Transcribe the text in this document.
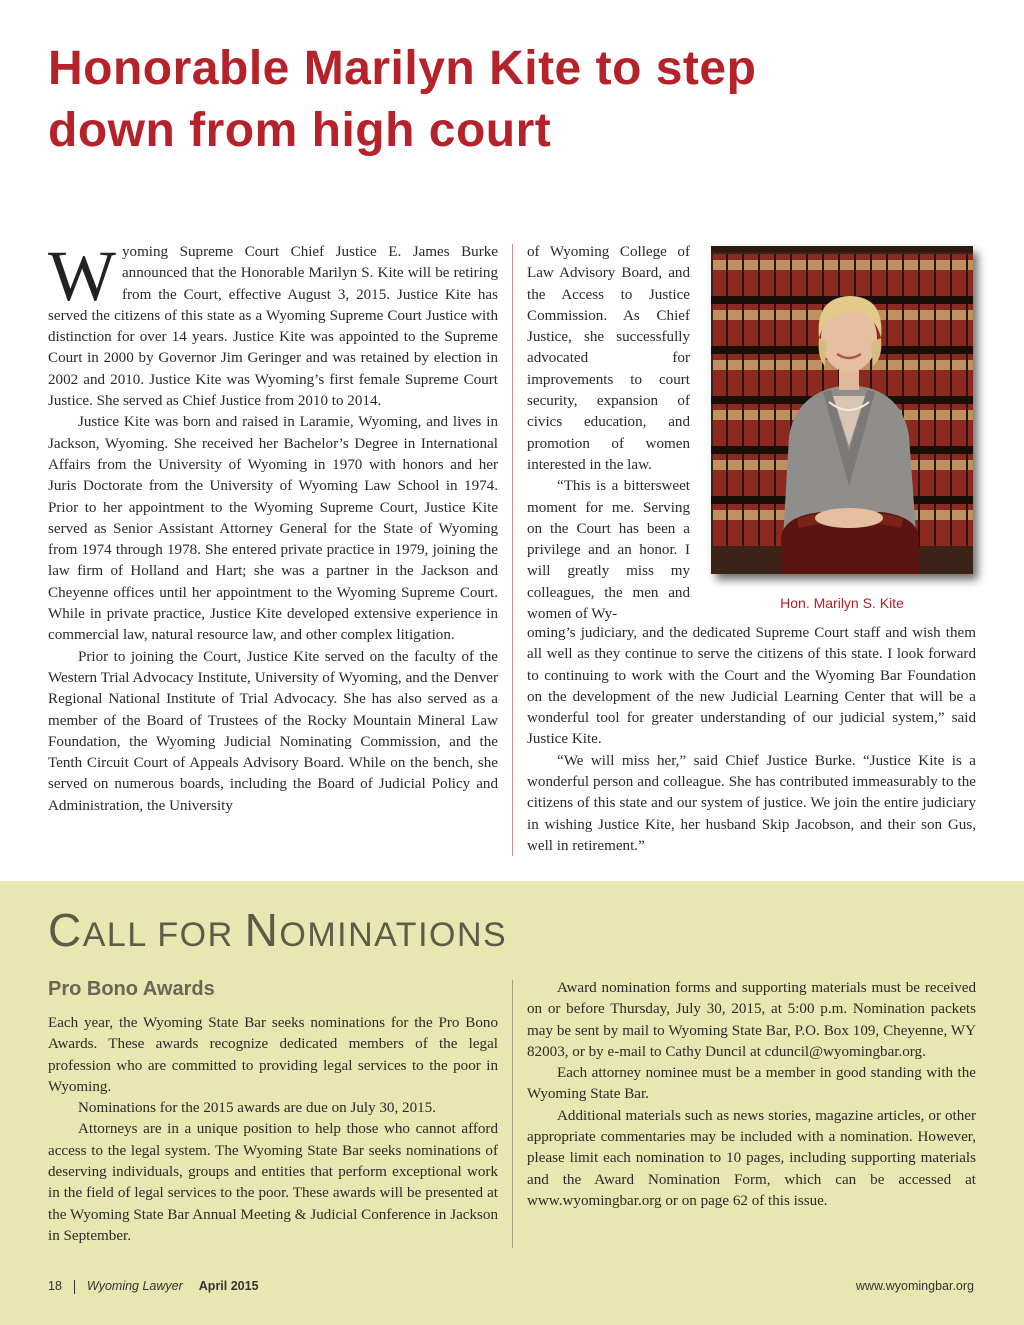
Honorable Marilyn Kite to step
down from high court

Wyoming Supreme Court Chief Justice E. James Burke announced that the Honorable Marilyn S. Kite will be retiring from the Court, effective August 3, 2015. Justice Kite has served the citizens of this state as a Wyoming Supreme Court Justice with distinction for over 14 years. Justice Kite was appointed to the Supreme Court in 2000 by Governor Jim Geringer and was retained by election in 2002 and 2010. Justice Kite was Wyoming’s first female Supreme Court Justice. She served as Chief Justice from 2010 to 2014.

Justice Kite was born and raised in Laramie, Wyoming, and lives in Jackson, Wyoming. She received her Bachelor’s Degree in International Affairs from the University of Wyoming in 1970 with honors and her Juris Doctorate from the University of Wyoming Law School in 1974. Prior to her appointment to the Wyoming Supreme Court, Justice Kite served as Senior Assistant Attorney General for the State of Wyoming from 1974 through 1978. She entered private practice in 1979, joining the law firm of Holland and Hart; she was a partner in the Jackson and Cheyenne offices until her appointment to the Wyoming Supreme Court. While in private practice, Justice Kite developed extensive experience in commercial law, natural resource law, and other complex litigation.

Prior to joining the Court, Justice Kite served on the faculty of the Western Trial Advocacy Institute, University of Wyoming, and the Denver Regional National Institute of Trial Advocacy. She has also served as a member of the Board of Trustees of the Rocky Mountain Mineral Law Foundation, the Wyoming Judicial Nominating Commission, and the Tenth Circuit Court of Appeals Advisory Board. While on the bench, she served on numerous boards, including the Board of Judicial Policy and Administration, the University

of Wyoming College of Law Advisory Board, and the Access to Justice Commission. As Chief Justice, she successfully advocated for improvements to court security, expansion of civics education, and promotion of women interested in the law.

“This is a bittersweet moment for me. Serving on the Court has been a privilege and an honor. I will greatly miss my colleagues, the men and women of Wy-

Hon. Marilyn S. Kite

oming’s judiciary, and the dedicated Supreme Court staff and wish them all well as they continue to serve the citizens of this state. I look forward to continuing to work with the Court and the Wyoming Bar Foundation on the development of the new Judicial Learning Center that will be a wonderful tool for greater understanding of our judicial system,” said Justice Kite.

“We will miss her,” said Chief Justice Burke. “Justice Kite is a wonderful person and colleague. She has contributed immeasurably to the citizens of this state and our system of justice. We join the entire judiciary in wishing Justice Kite, her husband Skip Jacobson, and their son Gus, well in retirement.”

CALL FOR NOMINATIONS
Pro Bono Awards

Each year, the Wyoming State Bar seeks nominations for the Pro Bono Awards. These awards recognize dedicated members of the legal profession who are committed to providing legal services to the poor in Wyoming.

Nominations for the 2015 awards are due on July 30, 2015.

Attorneys are in a unique position to help those who cannot afford access to the legal system. The Wyoming State Bar seeks nominations of deserving individuals, groups and entities that perform exceptional work in the field of legal services to the poor. These awards will be presented at the Wyoming State Bar Annual Meeting & Judicial Conference in Jackson in September.

Award nomination forms and supporting materials must be received on or before Thursday, July 30, 2015, at 5:00 p.m. Nomination packets may be sent by mail to Wyoming State Bar, P.O. Box 109, Cheyenne, WY 82003, or by e-mail to Cathy Duncil at cduncil@wyomingbar.org.

Each attorney nominee must be a member in good standing with the Wyoming State Bar.

Additional materials such as news stories, magazine articles, or other appropriate commentaries may be included with a nomination. However, please limit each nomination to 10 pages, including supporting materials and the Award Nomination Form, which can be accessed at www.wyomingbar.org or on page 62 of this issue.

18 Wyoming Lawyer April 2015	www.wyomingbar.org
